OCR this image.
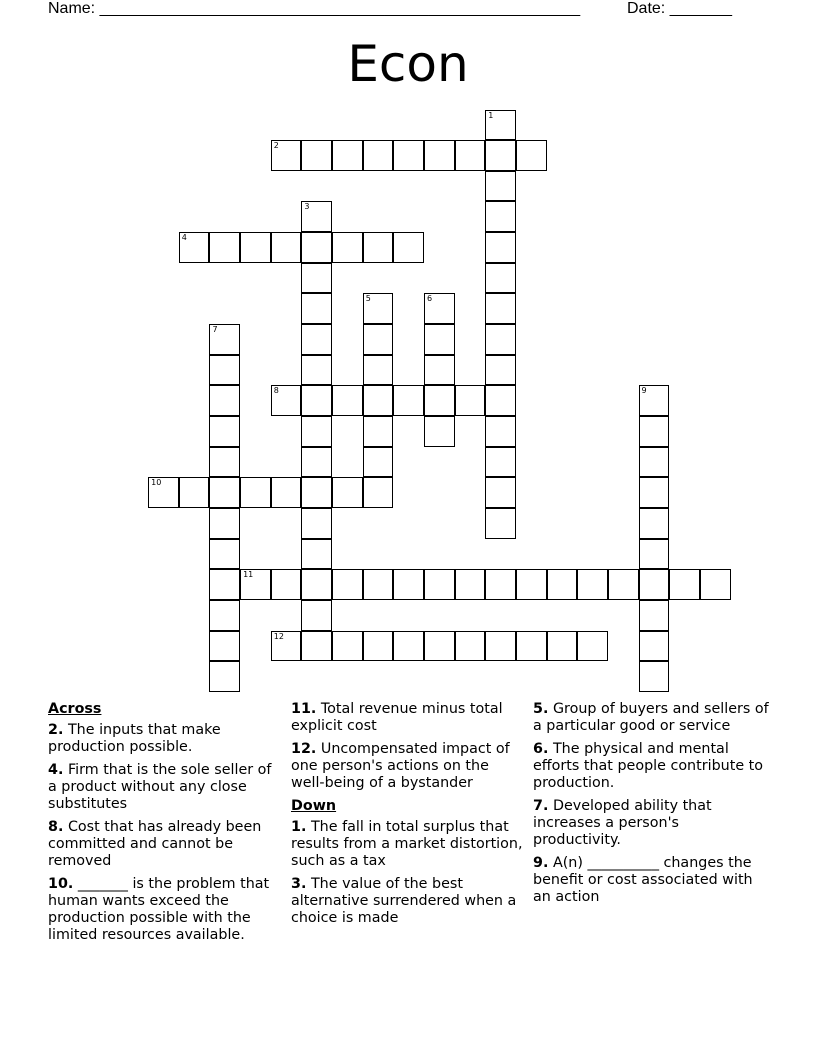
Name: ______________________________________________________	Date: _______
Econ
1
2
3
4
5	6
7
8	9
10
11
12
Across
2. The inputs that make production possible.
4. Firm that is the sole seller of a product without any close substitutes
8. Cost that has already been committed and cannot be removed
10. _______ is the problem that human wants exceed the production possible with the limited resources available.
11. Total revenue minus total explicit cost
12. Uncompensated impact of one person's actions on the well-being of a bystander
Down
1. The fall in total surplus that results from a market distortion, such as a tax
3. The value of the best alternative surrendered when a choice is made
5. Group of buyers and sellers of a particular good or service
6. The physical and mental efforts that people contribute to production.
7. Developed ability that increases a person's productivity.
9. A(n) __________ changes the benefit or cost associated with an action
